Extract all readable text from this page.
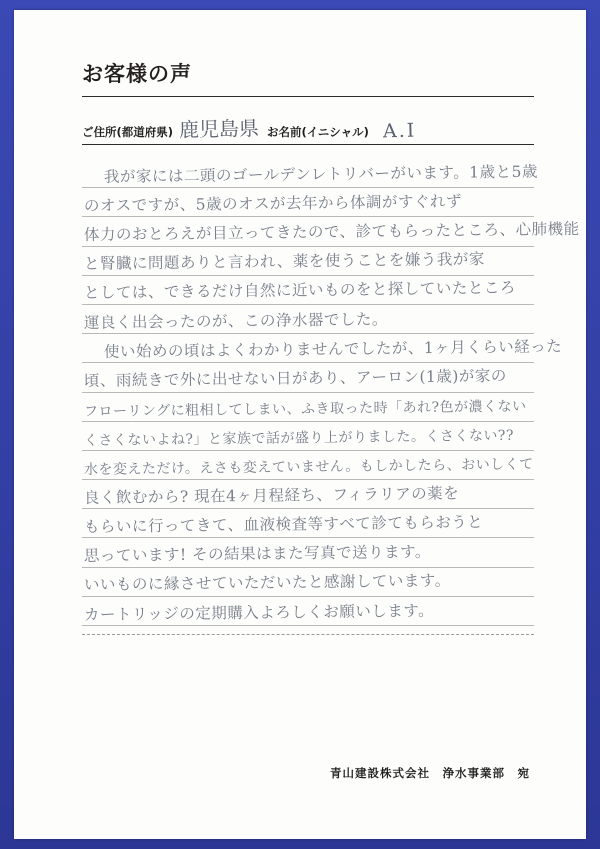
お客様の声
ご住所(都道府県) 鹿児島県 お名前(イニシャル) A.I
我が家には二頭のゴールデンレトリバーがいます。1歳と5歳
のオスですが、5歳のオスが去年から体調がすぐれず
体力のおとろえが目立ってきたので、診てもらったところ、心肺機能
と腎臓に問題ありと言われ、薬を使うことを嫌う我が家
としては、できるだけ自然に近いものをと探していたところ
運良く出会ったのが、この浄水器でした。
使い始めの頃はよくわかりませんでしたが、1ヶ月くらい経った
頃、雨続きで外に出せない日があり、アーロン(1歳)が家の
フローリングに粗相してしまい、ふき取った時「あれ?色が濃くない
くさくないよね?」と家族で話が盛り上がりました。くさくない??
水を変えただけ。えさも変えていません。もしかしたら、おいしくて
良く飲むから? 現在4ヶ月程経ち、フィラリアの薬を
もらいに行ってきて、血液検査等すべて診てもらおうと
思っています! その結果はまた写真で送ります。
いいものに縁させていただいたと感謝しています。
カートリッジの定期購入よろしくお願いします。
青山建設株式会社　浄水事業部　宛
